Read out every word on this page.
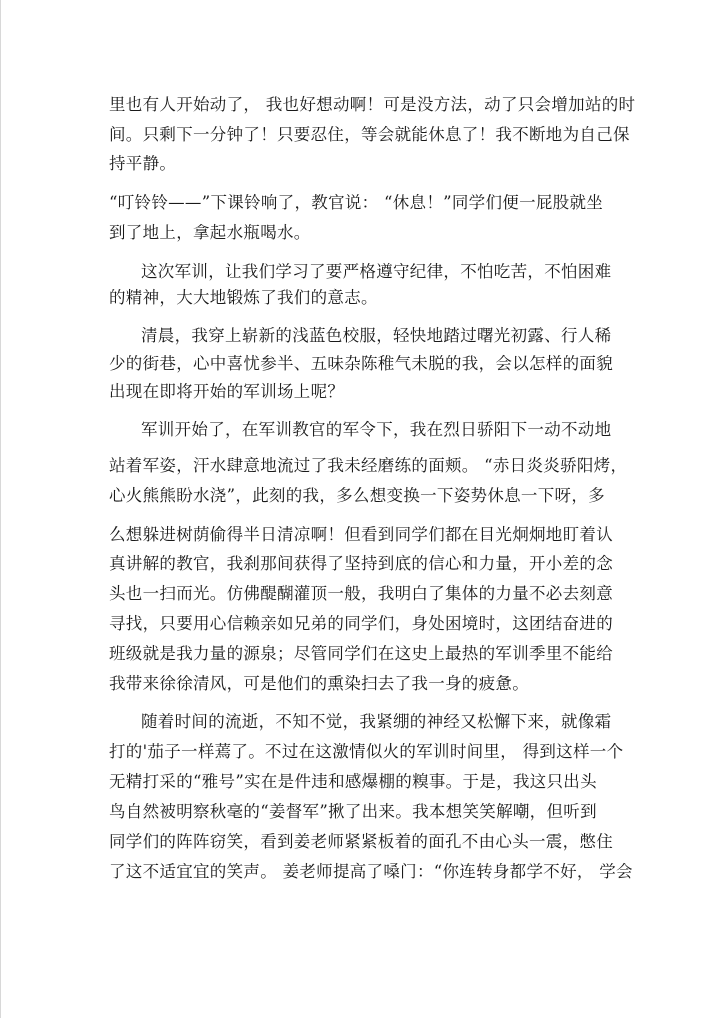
里也有人开始动了， 我也好想动啊！可是没方法，动了只会增加站的时
间。只剩下一分钟了！只要忍住，等会就能休息了！我不断地为自己保
持平静。
“叮铃铃——”下课铃响了，教官说： “休息！”同学们便一屁股就坐
到了地上，拿起水瓶喝水。
这次军训，让我们学习了要严格遵守纪律，不怕吃苦，不怕困难
的精神，大大地锻炼了我们的意志。
清晨，我穿上崭新的浅蓝色校服，轻快地踏过曙光初露、行人稀
少的街巷，心中喜忧参半、五味杂陈稚气未脱的我，会以怎样的面貌
出现在即将开始的军训场上呢？
军训开始了，在军训教官的军令下，我在烈日骄阳下一动不动地
站着军姿，汗水肆意地流过了我未经磨练的面颊。 “赤日炎炎骄阳烤，
心火熊熊盼水浇”，此刻的我，多么想变换一下姿势休息一下呀，多
么想躲进树荫偷得半日清凉啊！但看到同学们都在目光炯炯地盯着认
真讲解的教官，我刹那间获得了坚持到底的信心和力量，开小差的念
头也一扫而光。仿佛醍醐灌顶一般，我明白了集体的力量不必去刻意
寻找，只要用心信赖亲如兄弟的同学们，身处困境时，这团结奋进的
班级就是我力量的源泉；尽管同学们在这史上最热的军训季里不能给
我带来徐徐清风，可是他们的熏染扫去了我一身的疲惫。
随着时间的流逝，不知不觉，我紧绷的神经又松懈下来，就像霜
打的'茄子一样蔫了。不过在这激情似火的军训时间里， 得到这样一个
无精打采的“雅号”实在是件违和感爆棚的糗事。于是，我这只出头
鸟自然被明察秋毫的“姜督军”揪了出来。我本想笑笑解嘲，但听到
同学们的阵阵窃笑，看到姜老师紧紧板着的面孔不由心头一震，憋住
了这不适宜宜的笑声。 姜老师提高了嗓门：“你连转身都学不好， 学会
